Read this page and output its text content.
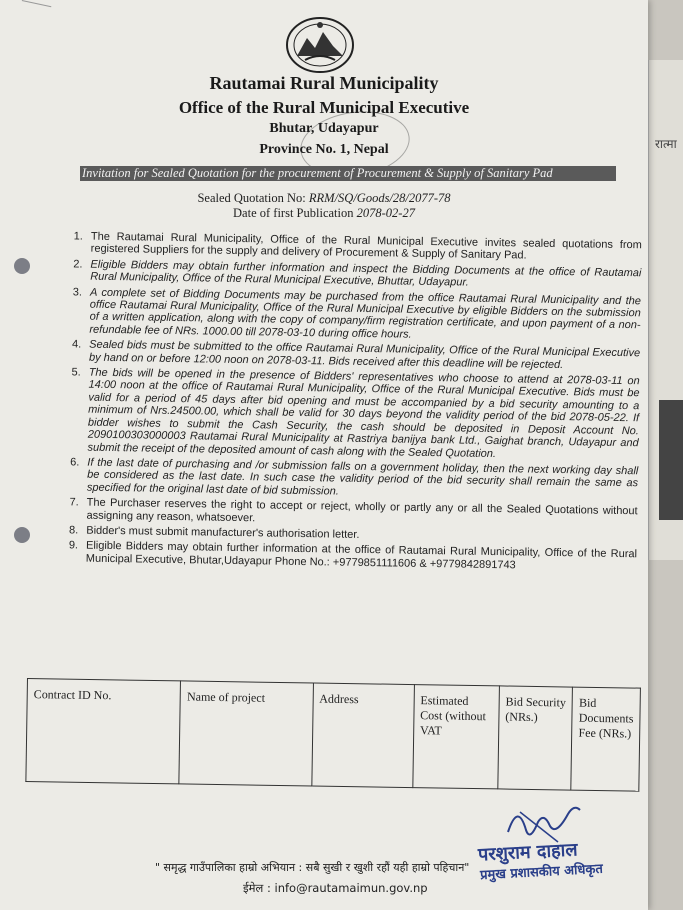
रात्मा
Rautamai Rural Municipality
Office of the Rural Municipal Executive
Bhutar, Udayapur
Province No. 1, Nepal
Invitation for Sealed Quotation for the procurement of Procurement & Supply of Sanitary Pad
Sealed Quotation No: RRM/SQ/Goods/28/2077-78
Date of first Publication 2078-02-27
1. The Rautamai Rural Municipality, Office of the Rural Municipal Executive invites sealed quotations from registered Suppliers for the supply and delivery of Procurement & Supply of Sanitary Pad.
2. Eligible Bidders may obtain further information and inspect the Bidding Documents at the office of Rautamai Rural Municipality, Office of the Rural Municipal Executive, Bhuttar, Udayapur.
3. A complete set of Bidding Documents may be purchased from the office Rautamai Rural Municipality and the office Rautamai Rural Municipality, Office of the Rural Municipal Executive by eligible Bidders on the submission of a written application, along with the copy of company/firm registration certificate, and upon payment of a non-refundable fee of NRs. 1000.00 till 2078-03-10 during office hours.
4. Sealed bids must be submitted to the office Rautamai Rural Municipality, Office of the Rural Municipal Executive by hand on or before 12:00 noon on 2078-03-11. Bids received after this deadline will be rejected.
5. The bids will be opened in the presence of Bidders' representatives who choose to attend at 2078-03-11 on 14:00 noon at the office of Rautamai Rural Municipality, Office of the Rural Municipal Executive. Bids must be valid for a period of 45 days after bid opening and must be accompanied by a bid security amounting to a minimum of Nrs.24500.00, which shall be valid for 30 days beyond the validity period of the bid 2078-05-22. If bidder wishes to submit the Cash Security, the cash should be deposited in Deposit Account No. 2090100303000003 Rautamai Rural Municipality at Rastriya banijya bank Ltd., Gaighat branch, Udayapur and submit the receipt of the deposited amount of cash along with the Sealed Quotation.
6. If the last date of purchasing and /or submission falls on a government holiday, then the next working day shall be considered as the last date. In such case the validity period of the bid security shall remain the same as specified for the original last date of bid submission.
7. The Purchaser reserves the right to accept or reject, wholly or partly any or all the Sealed Quotations without assigning any reason, whatsoever.
8. Bidder's must submit manufacturer's authorisation letter.
9. Eligible Bidders may obtain further information at the office of Rautamai Rural Municipality, Office of the Rural Municipal Executive, Bhutar,Udayapur Phone No.: +9779851111606 & +9779842891743
Contract ID No.	Name of project	Address	Estimated Cost (without VAT	Bid Security (NRs.)	Bid Documents Fee (NRs.)
परशुराम दाहाल
प्रमुख प्रशासकीय अधिकृत
" समृद्ध गाउँपालिका हाम्रो अभियान : सबै सुखी र खुशी रहौं यही हाम्रो पहिचान"
ईमेल : info@rautamaimun.gov.np
